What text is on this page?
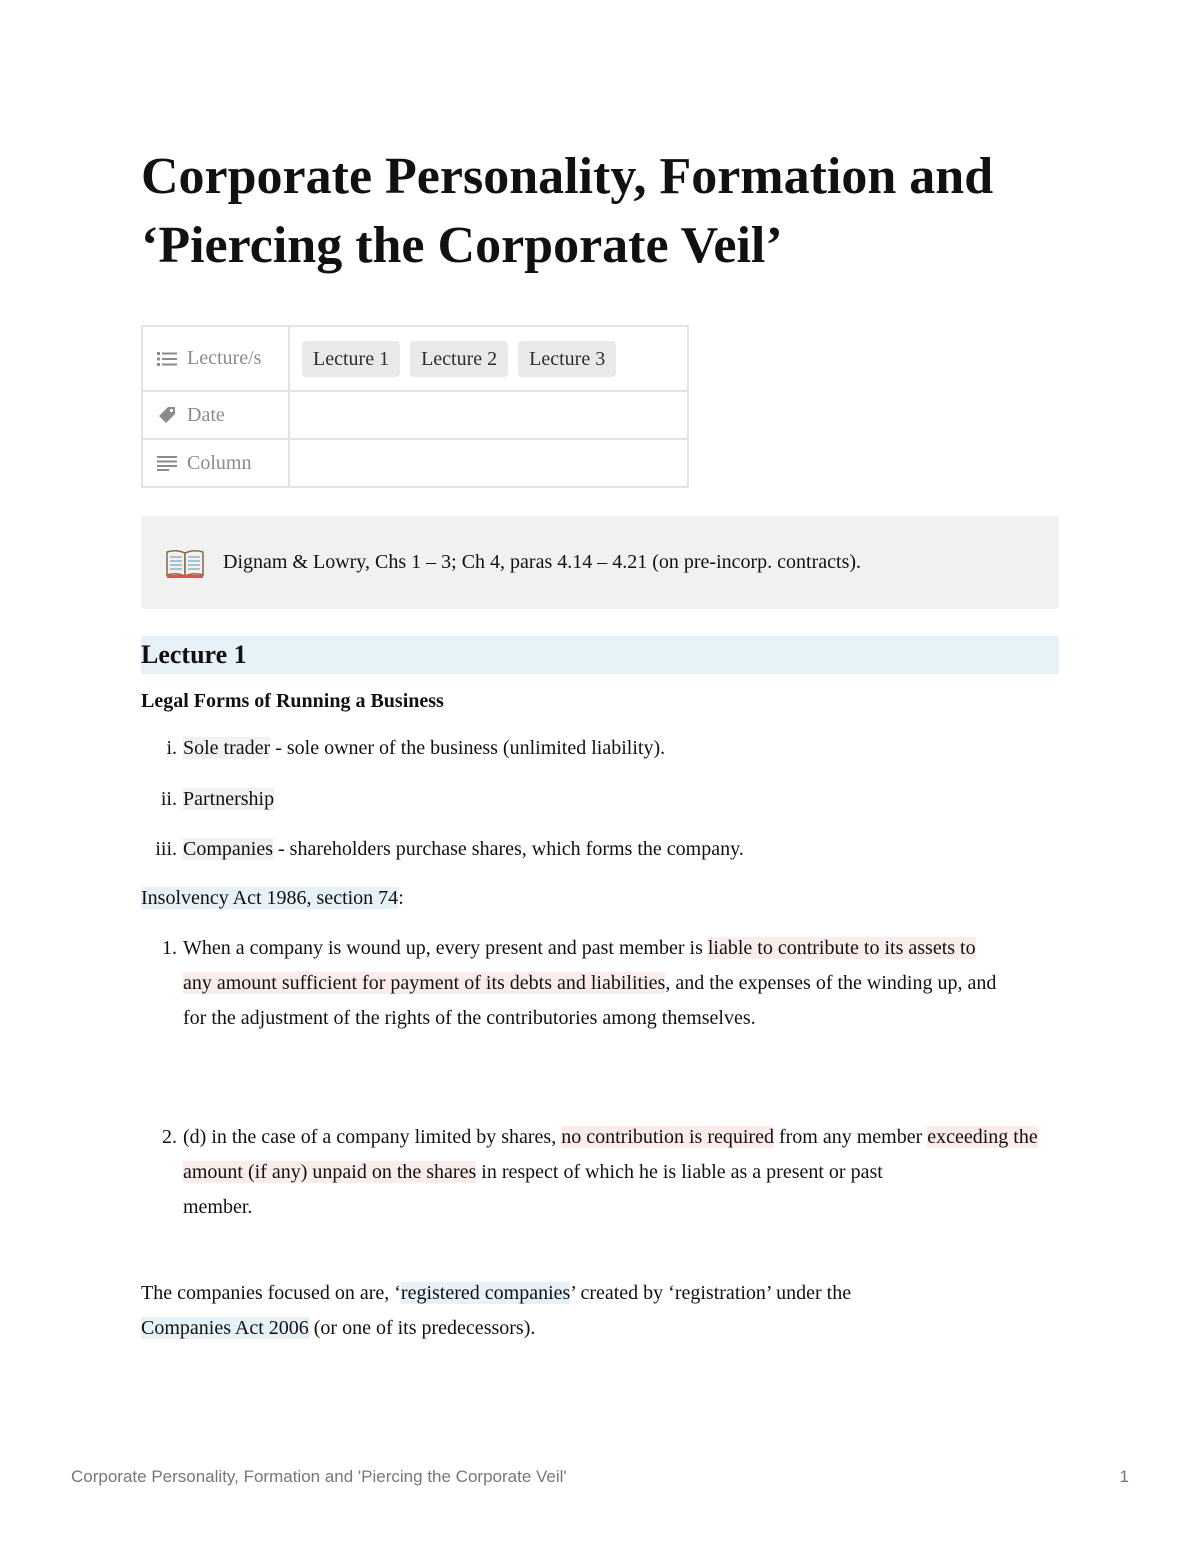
Corporate Personality, Formation and ‘Piercing the Corporate Veil’
Lecture/s	Lecture 1 Lecture 2 Lecture 3

Date	

Column	

Dignam & Lowry, Chs 1 – 3; Ch 4, paras 4.14 – 4.21 (on pre-incorp. contracts).
Lecture 1
Legal Forms of Running a Business
i. Sole trader - sole owner of the business (unlimited liability).
ii. Partnership
iii. Companies - shareholders purchase shares, which forms the company.
Insolvency Act 1986, section 74:
1. When a company is wound up, every present and past member is liable to contribute to its assets to
any amount sufficient for payment of its debts and liabilities, and the expenses of the winding up, and
for the adjustment of the rights of the contributories among themselves.
2. (d) in the case of a company limited by shares, no contribution is required from any member exceeding the amount (if any) unpaid on the shares in respect of which he is liable as a present or past
member.
The companies focused on are, ‘registered companies’ created by ‘registration’ under the
Companies Act 2006 (or one of its predecessors).
Corporate Personality, Formation and 'Piercing the Corporate Veil'	1
